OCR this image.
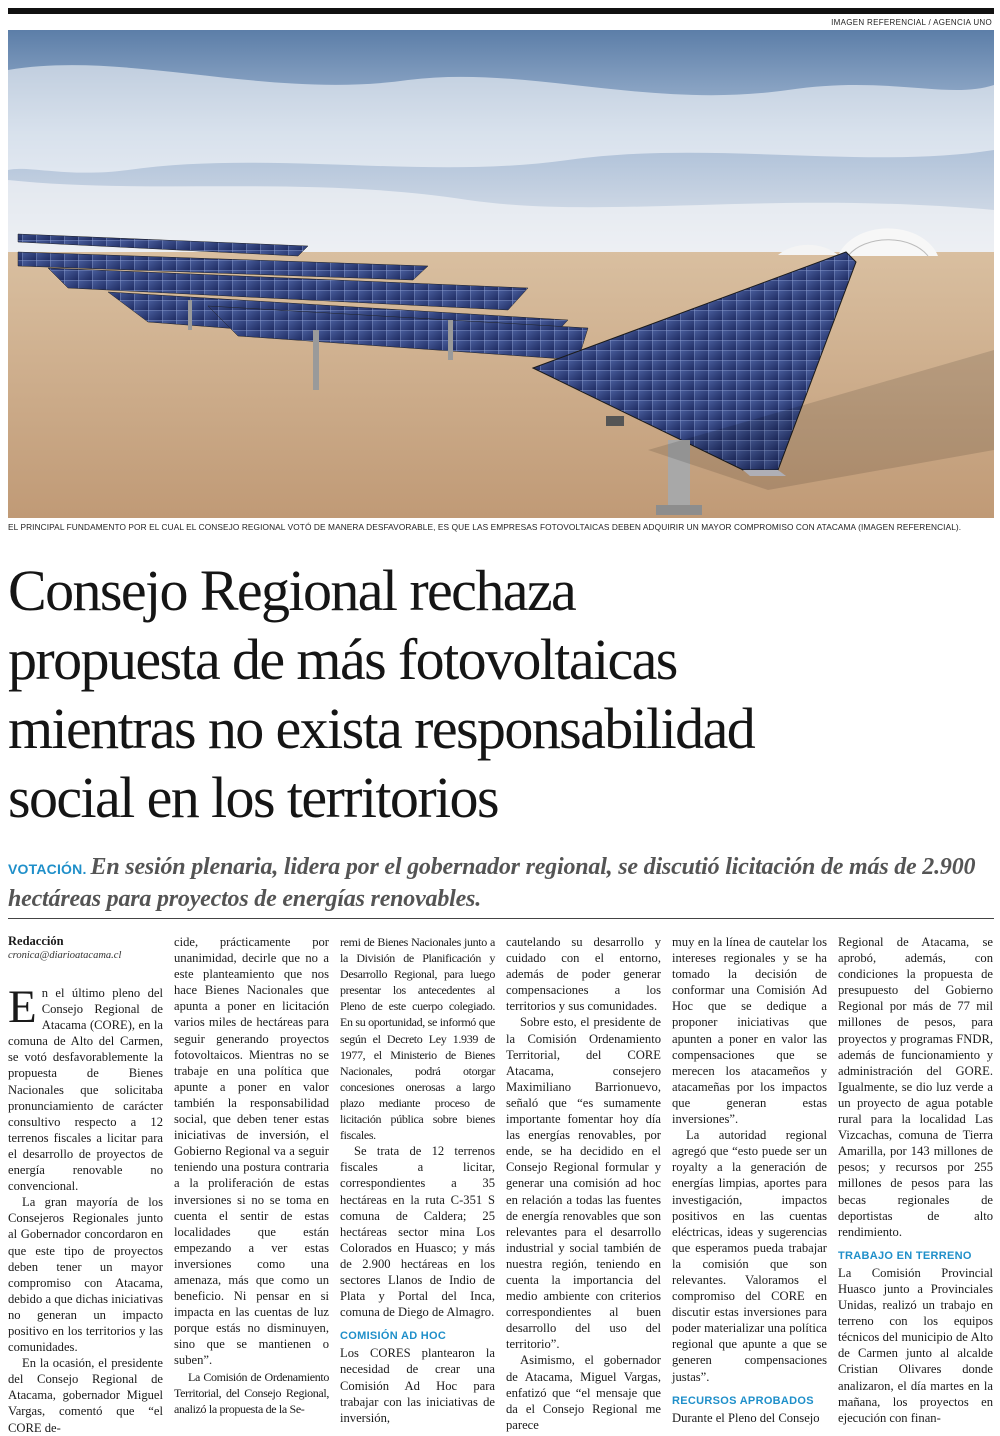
IMAGEN REFERENCIAL / AGENCIA UNO
EL PRINCIPAL FUNDAMENTO POR EL CUAL EL CONSEJO REGIONAL VOTÓ DE MANERA DESFAVORABLE, ES QUE LAS EMPRESAS FOTOVOLTAICAS DEBEN ADQUIRIR UN MAYOR COMPROMISO CON ATACAMA (IMAGEN REFERENCIAL).
Consejo Regional rechaza
propuesta de más fotovoltaicas
mientras no exista responsabilidad
social en los territorios
VOTACIÓN. En sesión plenaria, lidera por el gobernador regional, se discutió licitación de más de 2.900 hectáreas para proyectos de energías renovables.
Redacción
cronica@diarioatacama.cl

En el último pleno del Consejo Regional de Atacama (CORE), en la comuna de Alto del Carmen, se votó desfavorablemente la propuesta de Bienes Nacionales que solicitaba pronunciamiento de carácter consultivo respecto a 12 terrenos fiscales a licitar para el desarrollo de proyectos de energía renovable no convencional.

La gran mayoría de los Consejeros Regionales junto al Gobernador concordaron en que este tipo de proyectos deben tener un mayor compromiso con Atacama, debido a que dichas iniciativas no generan un impacto positivo en los territorios y las comunidades.

En la ocasión, el presidente del Consejo Regional de Atacama, gobernador Miguel Vargas, comentó que “el CORE de-

cide, prácticamente por unanimidad, decirle que no a este planteamiento que nos hace Bienes Nacionales que apunta a poner en licitación varios miles de hectáreas para seguir generando proyectos fotovoltaicos. Mientras no se trabaje en una política que apunte a poner en valor también la responsabilidad social, que deben tener estas iniciativas de inversión, el Gobierno Regional va a seguir teniendo una postura contraria a la proliferación de estas inversiones si no se toma en cuenta el sentir de estas localidades que están empezando a ver estas inversiones como una amenaza, más que como un beneficio. Ni pensar en si impacta en las cuentas de luz porque estás no disminuyen, sino que se mantienen o suben”.

La Comisión de Ordenamiento Territorial, del Consejo Regional, analizó la propuesta de la Se-

remi de Bienes Nacionales junto a la División de Planificación y Desarrollo Regional, para luego presentar los antecedentes al Pleno de este cuerpo colegiado. En su oportunidad, se informó que según el Decreto Ley 1.939 de 1977, el Ministerio de Bienes Nacionales, podrá otorgar concesiones onerosas a largo plazo mediante proceso de licitación pública sobre bienes fiscales.

Se trata de 12 terrenos fiscales a licitar, correspondientes a 35 hectáreas en la ruta C-351 S comuna de Caldera; 25 hectáreas sector mina Los Colorados en Huasco; y más de 2.900 hectáreas en los sectores Llanos de Indio de Plata y Portal del Inca, comuna de Diego de Almagro.

COMISIÓN AD HOC

Los CORES plantearon la necesidad de crear una Comisión Ad Hoc para trabajar con las iniciativas de inversión,

cautelando su desarrollo y cuidado con el entorno, además de poder generar compensaciones a los territorios y sus comunidades.

Sobre esto, el presidente de la Comisión Ordenamiento Territorial, del CORE Atacama, consejero Maximiliano Barrionuevo, señaló que “es sumamente importante fomentar hoy día las energías renovables, por ende, se ha decidido en el Consejo Regional formular y generar una comisión ad hoc en relación a todas las fuentes de energía renovables que son relevantes para el desarrollo industrial y social también de nuestra región, teniendo en cuenta la importancia del medio ambiente con criterios correspondientes al buen desarrollo del uso del territorio”.

Asimismo, el gobernador de Atacama, Miguel Vargas, enfatizó que “el mensaje que da el Consejo Regional me parece

muy en la línea de cautelar los intereses regionales y se ha tomado la decisión de conformar una Comisión Ad Hoc que se dedique a proponer iniciativas que apunten a poner en valor las compensaciones que se merecen los atacameños y atacameñas por los impactos que generan estas inversiones”.

La autoridad regional agregó que “esto puede ser un royalty a la generación de energías limpias, aportes para investigación, impactos positivos en las cuentas eléctricas, ideas y sugerencias que esperamos pueda trabajar la comisión que son relevantes. Valoramos el compromiso del CORE en discutir estas inversiones para poder materializar una política regional que apunte a que se generen compensaciones justas”.

RECURSOS APROBADOS

Durante el Pleno del Consejo

Regional de Atacama, se aprobó, además, con condiciones la propuesta de presupuesto del Gobierno Regional por más de 77 mil millones de pesos, para proyectos y programas FNDR, además de funcionamiento y administración del GORE. Igualmente, se dio luz verde a un proyecto de agua potable rural para la localidad Las Vizcachas, comuna de Tierra Amarilla, por 143 millones de pesos; y recursos por 255 millones de pesos para las becas regionales de deportistas de alto rendimiento.

TRABAJO EN TERRENO

La Comisión Provincial Huasco junto a Provinciales Unidas, realizó un trabajo en terreno con los equipos técnicos del municipio de Alto de Carmen junto al alcalde Cristian Olivares donde analizaron, el día martes en la mañana, los proyectos en ejecución con finan-
